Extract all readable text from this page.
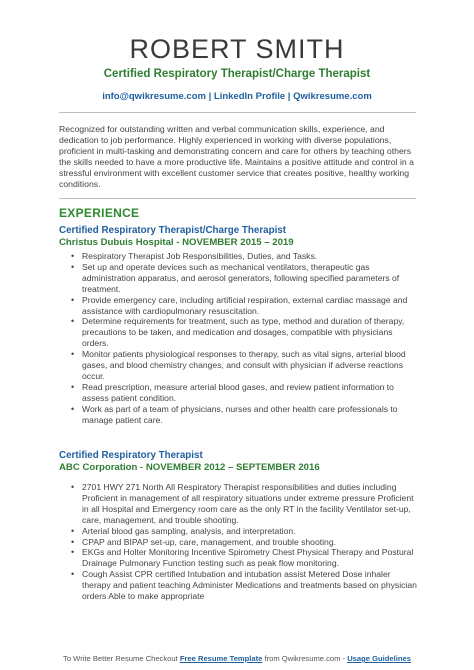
ROBERT SMITH
Certified Respiratory Therapist/Charge Therapist
info@qwikresume.com | LinkedIn Profile | Qwikresume.com
Recognized for outstanding written and verbal communication skills, experience, and dedication to job performance. Highly experienced in working with diverse populations, proficient in multi-tasking and demonstrating concern and care for others by teaching others the skills needed to have a more productive life. Maintains a positive attitude and control in a stressful environment with excellent customer service that creates positive, healthy working conditions.
EXPERIENCE
Certified Respiratory Therapist/Charge Therapist
Christus Dubuis Hospital - NOVEMBER 2015 – 2019
• Respiratory Therapist Job Responsibilities, Duties, and Tasks.
• Set up and operate devices such as mechanical ventilators, therapeutic gas administration apparatus, and aerosol generators, following specified parameters of treatment.
• Provide emergency care, including artificial respiration, external cardiac massage and assistance with cardiopulmonary resuscitation.
• Determine requirements for treatment, such as type, method and duration of therapy, precautions to be taken, and medication and dosages, compatible with physicians orders.
• Monitor patients physiological responses to therapy, such as vital signs, arterial blood gases, and blood chemistry changes, and consult with physician if adverse reactions occur.
• Read prescription, measure arterial blood gases, and review patient information to assess patient condition.
• Work as part of a team of physicians, nurses and other health care professionals to manage patient care.
Certified Respiratory Therapist
ABC Corporation - NOVEMBER 2012 – SEPTEMBER 2016
• 2701 HWY 271 North All Respiratory Therapist responsibilities and duties including Proficient in management of all respiratory situations under extreme pressure Proficient in all Hospital and Emergency room care as the only RT in the facility Ventilator set-up, care, management, and trouble shooting.
• Arterial blood gas sampling, analysis, and interpretation.
• CPAP and BIPAP set-up, care, management, and trouble shooting.
• EKGs and Holter Monitoring Incentive Spirometry Chest Physical Therapy and Postural Drainage Pulmonary Function testing such as peak flow monitoring.
• Cough Assist CPR certified Intubation and intubation assist Metered Dose inhaler therapy and patient teaching Administer Medications and treatments based on physician orders Able to make appropriate
To Write Better Resume Checkout Free Resume Template from Qwikresume.com - Usage Guidelines
